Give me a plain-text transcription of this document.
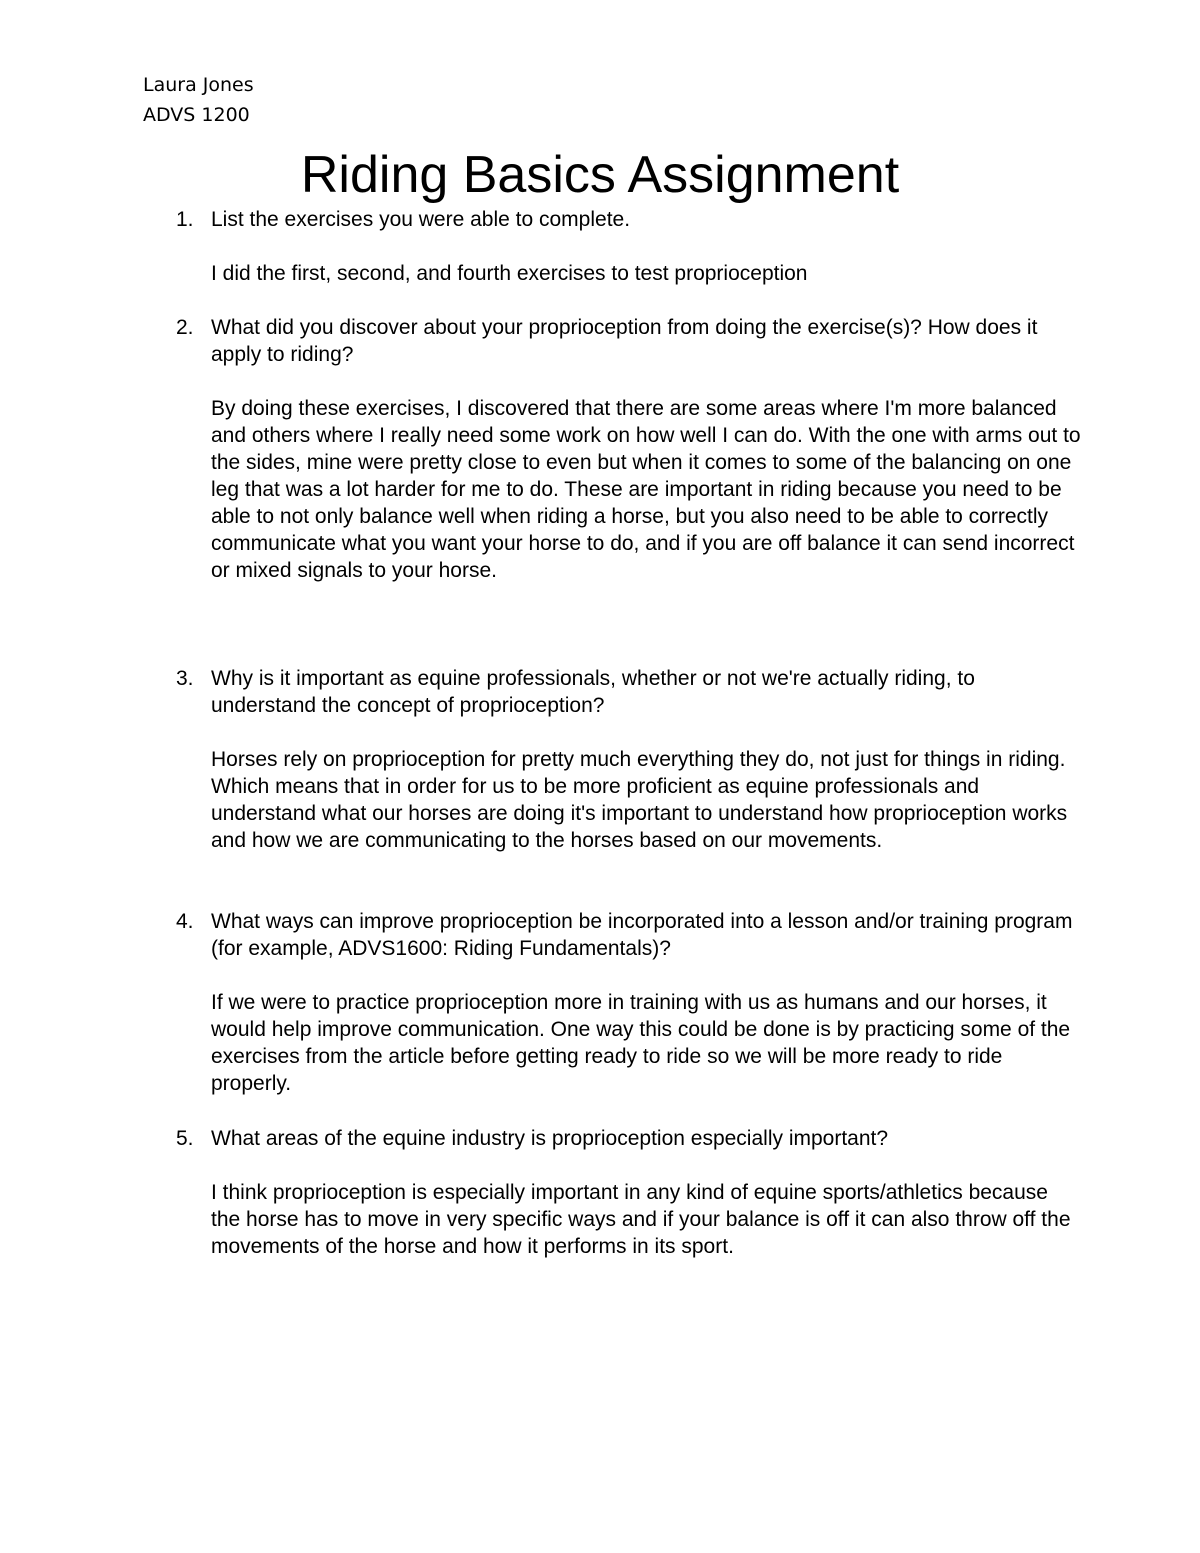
Laura Jones
ADVS 1200
Riding Basics Assignment
1. List the exercises you were able to complete.
I did the first, second, and fourth exercises to test proprioception
2. What did you discover about your proprioception from doing the exercise(s)? How does it apply to riding?
By doing these exercises, I discovered that there are some areas where I'm more balanced and others where I really need some work on how well I can do. With the one with arms out to the sides, mine were pretty close to even but when it comes to some of the balancing on one leg that was a lot harder for me to do. These are important in riding because you need to be able to not only balance well when riding a horse, but you also need to be able to correctly communicate what you want your horse to do, and if you are off balance it can send incorrect or mixed signals to your horse.
3. Why is it important as equine professionals, whether or not we're actually riding, to understand the concept of proprioception?
Horses rely on proprioception for pretty much everything they do, not just for things in riding. Which means that in order for us to be more proficient as equine professionals and understand what our horses are doing it's important to understand how proprioception works and how we are communicating to the horses based on our movements.
4. What ways can improve proprioception be incorporated into a lesson and/or training program (for example, ADVS1600: Riding Fundamentals)?
If we were to practice proprioception more in training with us as humans and our horses, it would help improve communication. One way this could be done is by practicing some of the exercises from the article before getting ready to ride so we will be more ready to ride properly.
5. What areas of the equine industry is proprioception especially important?
I think proprioception is especially important in any kind of equine sports/athletics because the horse has to move in very specific ways and if your balance is off it can also throw off the movements of the horse and how it performs in its sport.
